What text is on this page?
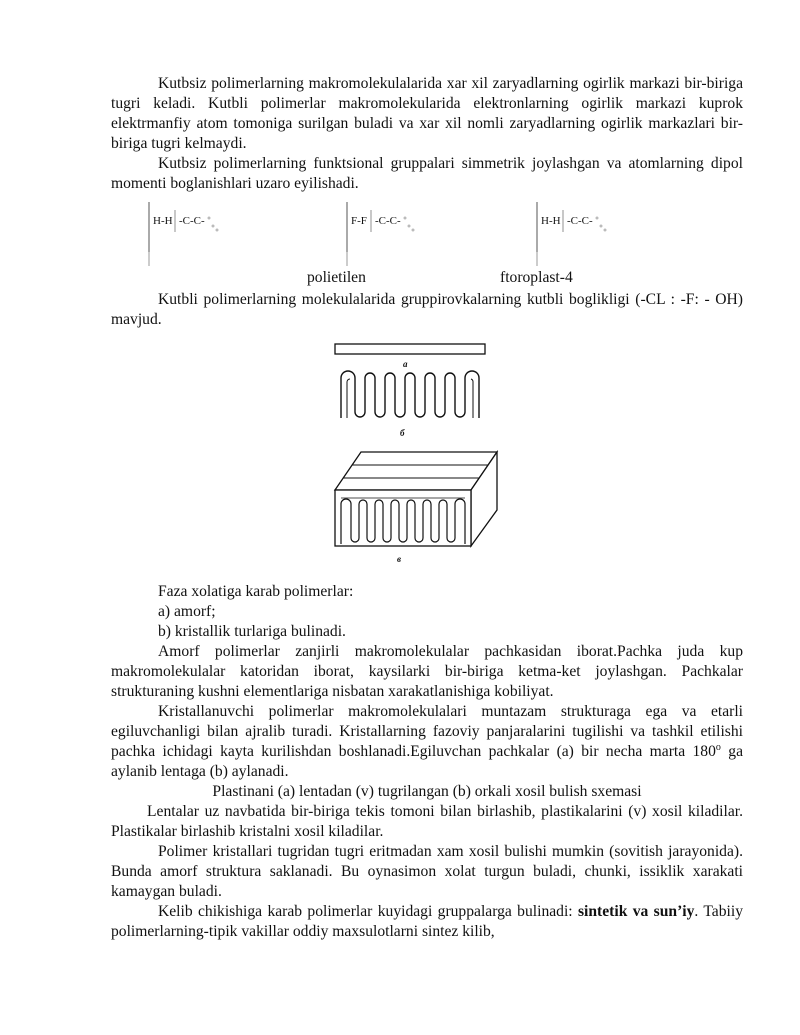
Kutbsiz polimerlarning makromolekulalarida xar xil zaryadlarning ogirlik markazi bir-biriga tugri keladi. Kutbli polimerlar makromolekularida elektronlarning ogirlik markazi kuprok elektrmanfiy atom tomoniga surilgan buladi va xar xil nomli zaryadlarning ogirlik markazlari bir-biriga tugri kelmaydi.

Kutbsiz polimerlarning funktsional gruppalari simmetrik joylashgan va atomlarning dipol momenti boglanishlari uzaro eyilishadi.

H-H -C-C-	F-F -C-C-	H-H -C-C-
polietilen	ftoroplast-4

Kutbli polimerlarning molekulalarida gruppirovkalarning kutbli boglikligi (-CL : -F: - OH) mavjud.

a
б
в

Faza xolatiga karab polimerlar:

a) amorf;

b) kristallik turlariga bulinadi.

Amorf polimerlar zanjirli makromolekulalar pachkasidan iborat.Pachka juda kup makromolekulalar katoridan iborat, kaysilarki bir-biriga ketma-ket joylashgan. Pachkalar strukturaning kushni elementlariga nisbatan xarakatlanishiga kobiliyat.

Kristallanuvchi polimerlar makromolekulalari muntazam strukturaga ega va etarli egiluvchanligi bilan ajralib turadi. Kristallarning fazoviy panjaralarini tugilishi va tashkil etilishi pachka ichidagi kayta kurilishdan boshlanadi.Egiluvchan pachkalar (a) bir necha marta 180$^o$ ga aylanib lentaga (b) aylanadi.

Plastinani (a) lentadan (v) tugrilangan (b) orkali xosil bulish sxemasi

Lentalar uz navbatida bir-biriga tekis tomoni bilan birlashib, plastikalarini (v) xosil kiladilar. Plastikalar birlashib kristalni xosil kiladilar.

Polimer kristallari tugridan tugri eritmadan xam xosil bulishi mumkin (sovitish jarayonida). Bunda amorf struktura saklanadi. Bu oynasimon xolat turgun buladi, chunki, issiklik xarakati kamaygan buladi.

Kelib chikishiga karab polimerlar kuyidagi gruppalarga bulinadi: sintetik va sun’iy. Tabiiy polimerlarning-tipik vakillar oddiy maxsulotlarni sintez kilib,
